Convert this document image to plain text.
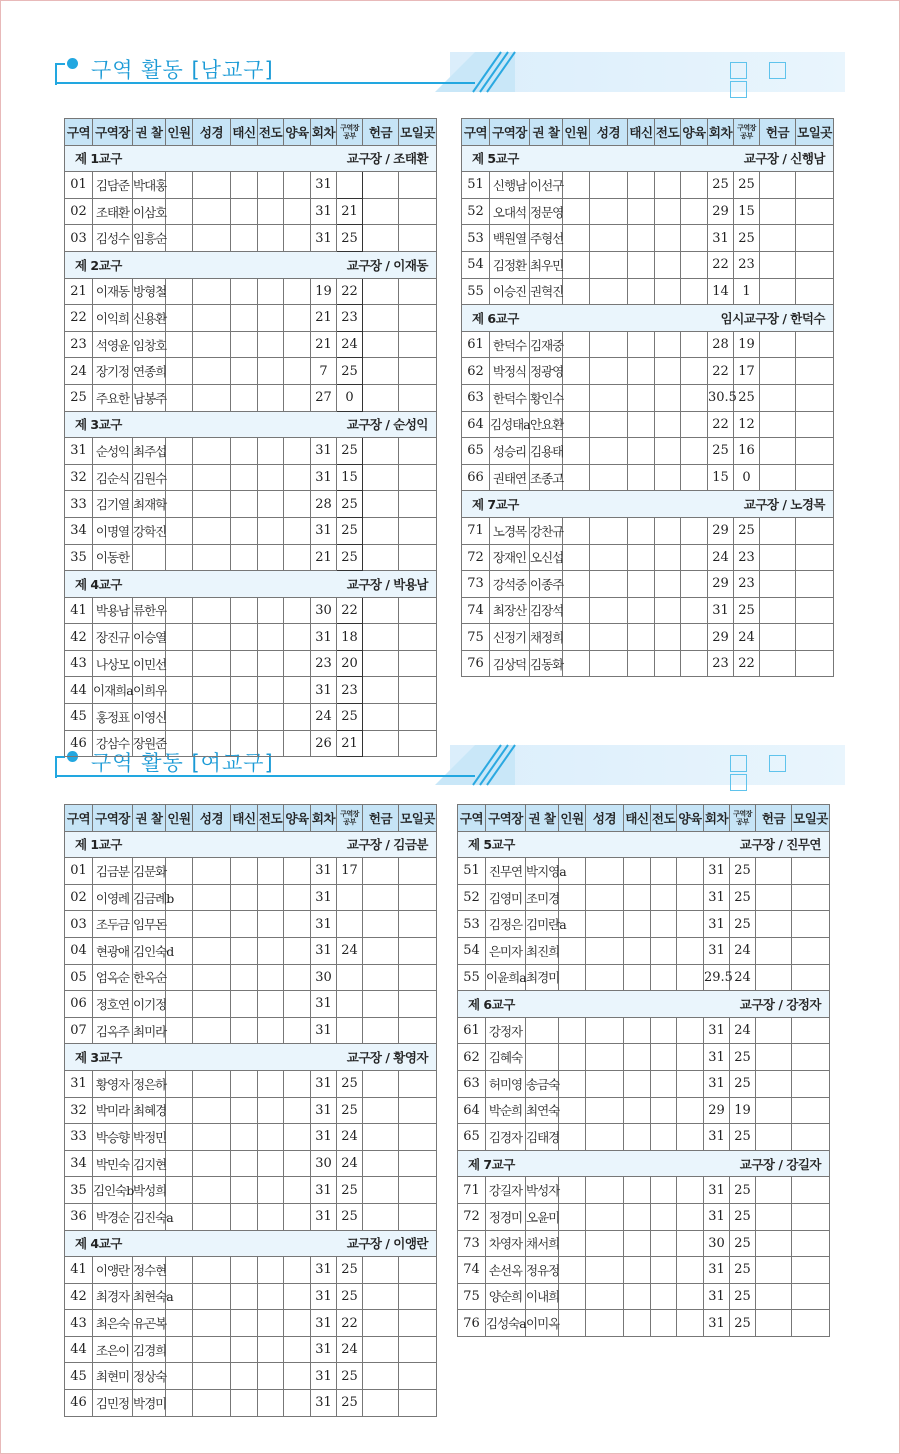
구역 활동 [남교구]
구역 활동 [여교구]
구역	구역장	권 찰	인원	성경	태신	전도	양육	회차	구역장공부	헌금	모일곳

제 1교구 교구장 / 조태환											

01	김담준	박대홍						31			
02	조태환	이삼호						31	21		
03	김성수	임흥순						31	25		

제 2교구 교구장 / 이재동											

21	이재동	방형철						19	22		
22	이익희	신용환						21	23		
23	석영윤	임창호						21	24		
24	장기정	연종희						7	25		
25	주요한	남봉주						27	0		

제 3교구 교구장 / 순성익											

31	순성익	최주섭						31	25		
32	김순식	김원수						31	15		
33	김기열	최재학						28	25		
34	이명열	강학진						31	25		
35	이동한							21	25		

제 4교구 교구장 / 박용남											

41	박용남	류한우						30	22		
42	장진규	이승열						31	18		
43	나상모	이민선						23	20		
44	이재희a	이희우						31	23		
45	홍정표	이영신						24	25		
46	강삼수	장원준						26	21		
구역	구역장	권 찰	인원	성경	태신	전도	양육	회차	구역장공부	헌금	모일곳

제 5교구 교구장 / 신행남											

51	신행남	이선구						25	25		
52	오대석	정문영						29	15		
53	백원열	주형선						31	25		
54	김정환	최우민						22	23		
55	이승진	권혁진						14	1		

제 6교구 임시교구장 / 한덕수											

61	한덕수	김재중						28	19		
62	박정식	정광영						22	17		
63	한덕수	황인수						30.5	25		
64	김성태a	안요환						22	12		
65	성승리	김용태						25	16		
66	권태연	조종고						15	0		

제 7교구 교구장 / 노경목											

71	노경목	강찬규						29	25		
72	장재인	오신섭						24	23		
73	강석중	이종주						29	23		
74	최장산	김장석						31	25		
75	신정기	채정희						29	24		
76	김상덕	김동화						23	22		
구역	구역장	권 찰	인원	성경	태신	전도	양육	회차	구역장공부	헌금	모일곳

제 1교구 교구장 / 김금분											

01	김금분	김문화						31	17		
02	이영례	김금례b						31			
03	조두금	임무돈						31			
04	현광애	김인숙d						31	24		
05	엄옥순	한옥순						30			
06	정호연	이기정						31			
07	김옥주	최미라						31			

제 3교구 교구장 / 황영자											

31	황영자	정은하						31	25		
32	박미라	최혜경						31	25		
33	박승향	박정민						31	24		
34	박민숙	김지현						30	24		
35	김인숙b	박성희						31	25		
36	박경순	김진숙a						31	25		

제 4교구 교구장 / 이앵란											

41	이앵란	정수현						31	25		
42	최경자	최현숙a						31	25		
43	최은숙	유곤복						31	22		
44	조은이	김경희						31	24		
45	최현미	정상숙						31	25		
46	김민정	박경미						31	25		
구역	구역장	권 찰	인원	성경	태신	전도	양육	회차	구역장공부	헌금	모일곳

제 5교구 교구장 / 진무연											

51	진무연	박지영a						31	25		
52	김영미	조미경						31	25		
53	김정은	김미란a						31	25		
54	은미자	최진희						31	24		
55	이윤희a	최경미						29.5	24		

제 6교구 교구장 / 강정자											

61	강정자							31	24		
62	김혜숙							31	25		
63	허미영	송금숙						31	25		
64	박순희	최연숙						29	19		
65	김경자	김태경						31	25		

제 7교구 교구장 / 강길자											

71	강길자	박성자						31	25		
72	정경미	오윤미						31	25		
73	차영자	채서희						30	25		
74	손선옥	정유정						31	25		
75	양순희	이내희						31	25		
76	김성숙a	이미옥						31	25		
